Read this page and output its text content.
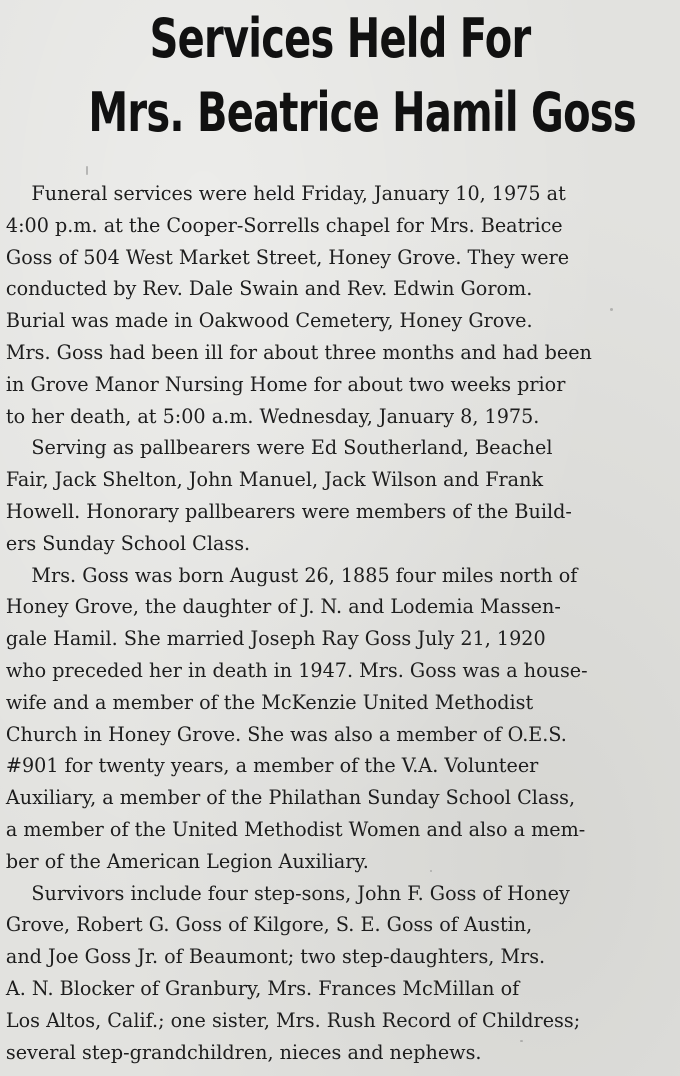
Services Held For
Mrs. Beatrice Hamil Goss
Funeral services were held Friday, January 10, 1975 at
4:00 p.m. at the Cooper-Sorrells chapel for Mrs. Beatrice
Goss of 504 West Market Street, Honey Grove. They were
conducted by Rev. Dale Swain and Rev. Edwin Gorom.
Burial was made in Oakwood Cemetery, Honey Grove.
Mrs. Goss had been ill for about three months and had been
in Grove Manor Nursing Home for about two weeks prior
to her death, at 5:00 a.m. Wednesday, January 8, 1975.
Serving as pallbearers were Ed Southerland, Beachel
Fair, Jack Shelton, John Manuel, Jack Wilson and Frank
Howell. Honorary pallbearers were members of the Build-
ers Sunday School Class.
Mrs. Goss was born August 26, 1885 four miles north of
Honey Grove, the daughter of J. N. and Lodemia Massen-
gale Hamil. She married Joseph Ray Goss July 21, 1920
who preceded her in death in 1947. Mrs. Goss was a house-
wife and a member of the McKenzie United Methodist
Church in Honey Grove. She was also a member of O.E.S.
#901 for twenty years, a member of the V.A. Volunteer
Auxiliary, a member of the Philathan Sunday School Class,
a member of the United Methodist Women and also a mem-
ber of the American Legion Auxiliary.
Survivors include four step-sons, John F. Goss of Honey
Grove, Robert G. Goss of Kilgore, S. E. Goss of Austin,
and Joe Goss Jr. of Beaumont; two step-daughters, Mrs.
A. N. Blocker of Granbury, Mrs. Frances McMillan of
Los Altos, Calif.; one sister, Mrs. Rush Record of Childress;
several step-grandchildren, nieces and nephews.
